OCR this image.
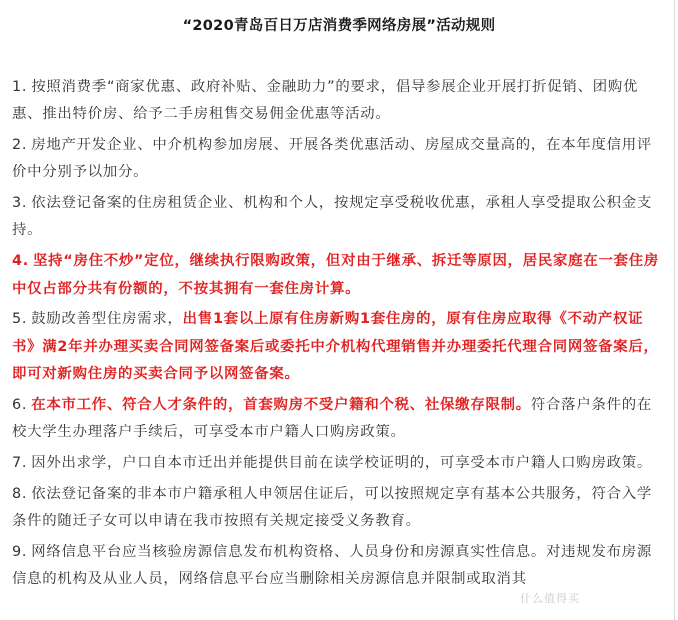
“2020青岛百日万店消费季网络房展”活动规则
1. 按照消费季“商家优惠、政府补贴、金融助力”的要求，倡导参展企业开展打折促销、团购优惠、推出特价房、给予二手房租售交易佣金优惠等活动。
2. 房地产开发企业、中介机构参加房展、开展各类优惠活动、房屋成交量高的，在本年度信用评价中分别予以加分。
3. 依法登记备案的住房租赁企业、机构和个人，按规定享受税收优惠，承租人享受提取公积金支持。
4. 坚持“房住不炒”定位，继续执行限购政策，但对由于继承、拆迁等原因，居民家庭在一套住房中仅占部分共有份额的，不按其拥有一套住房计算。
5. 鼓励改善型住房需求，出售1套以上原有住房新购1套住房的，原有住房应取得《不动产权证书》满2年并办理买卖合同网签备案后或委托中介机构代理销售并办理委托代理合同网签备案后，即可对新购住房的买卖合同予以网签备案。
6. 在本市工作、符合人才条件的，首套购房不受户籍和个税、社保缴存限制。符合落户条件的在校大学生办理落户手续后，可享受本市户籍人口购房政策。
7. 因外出求学，户口自本市迁出并能提供目前在读学校证明的，可享受本市户籍人口购房政策。
8. 依法登记备案的非本市户籍承租人申领居住证后，可以按照规定享有基本公共服务，符合入学条件的随迁子女可以申请在我市按照有关规定接受义务教育。
9. 网络信息平台应当核验房源信息发布机构资格、人员身份和房源真实性信息。对违规发布房源信息的机构及从业人员，网络信息平台应当删除相关房源信息并限制或取消其
什么值得买
